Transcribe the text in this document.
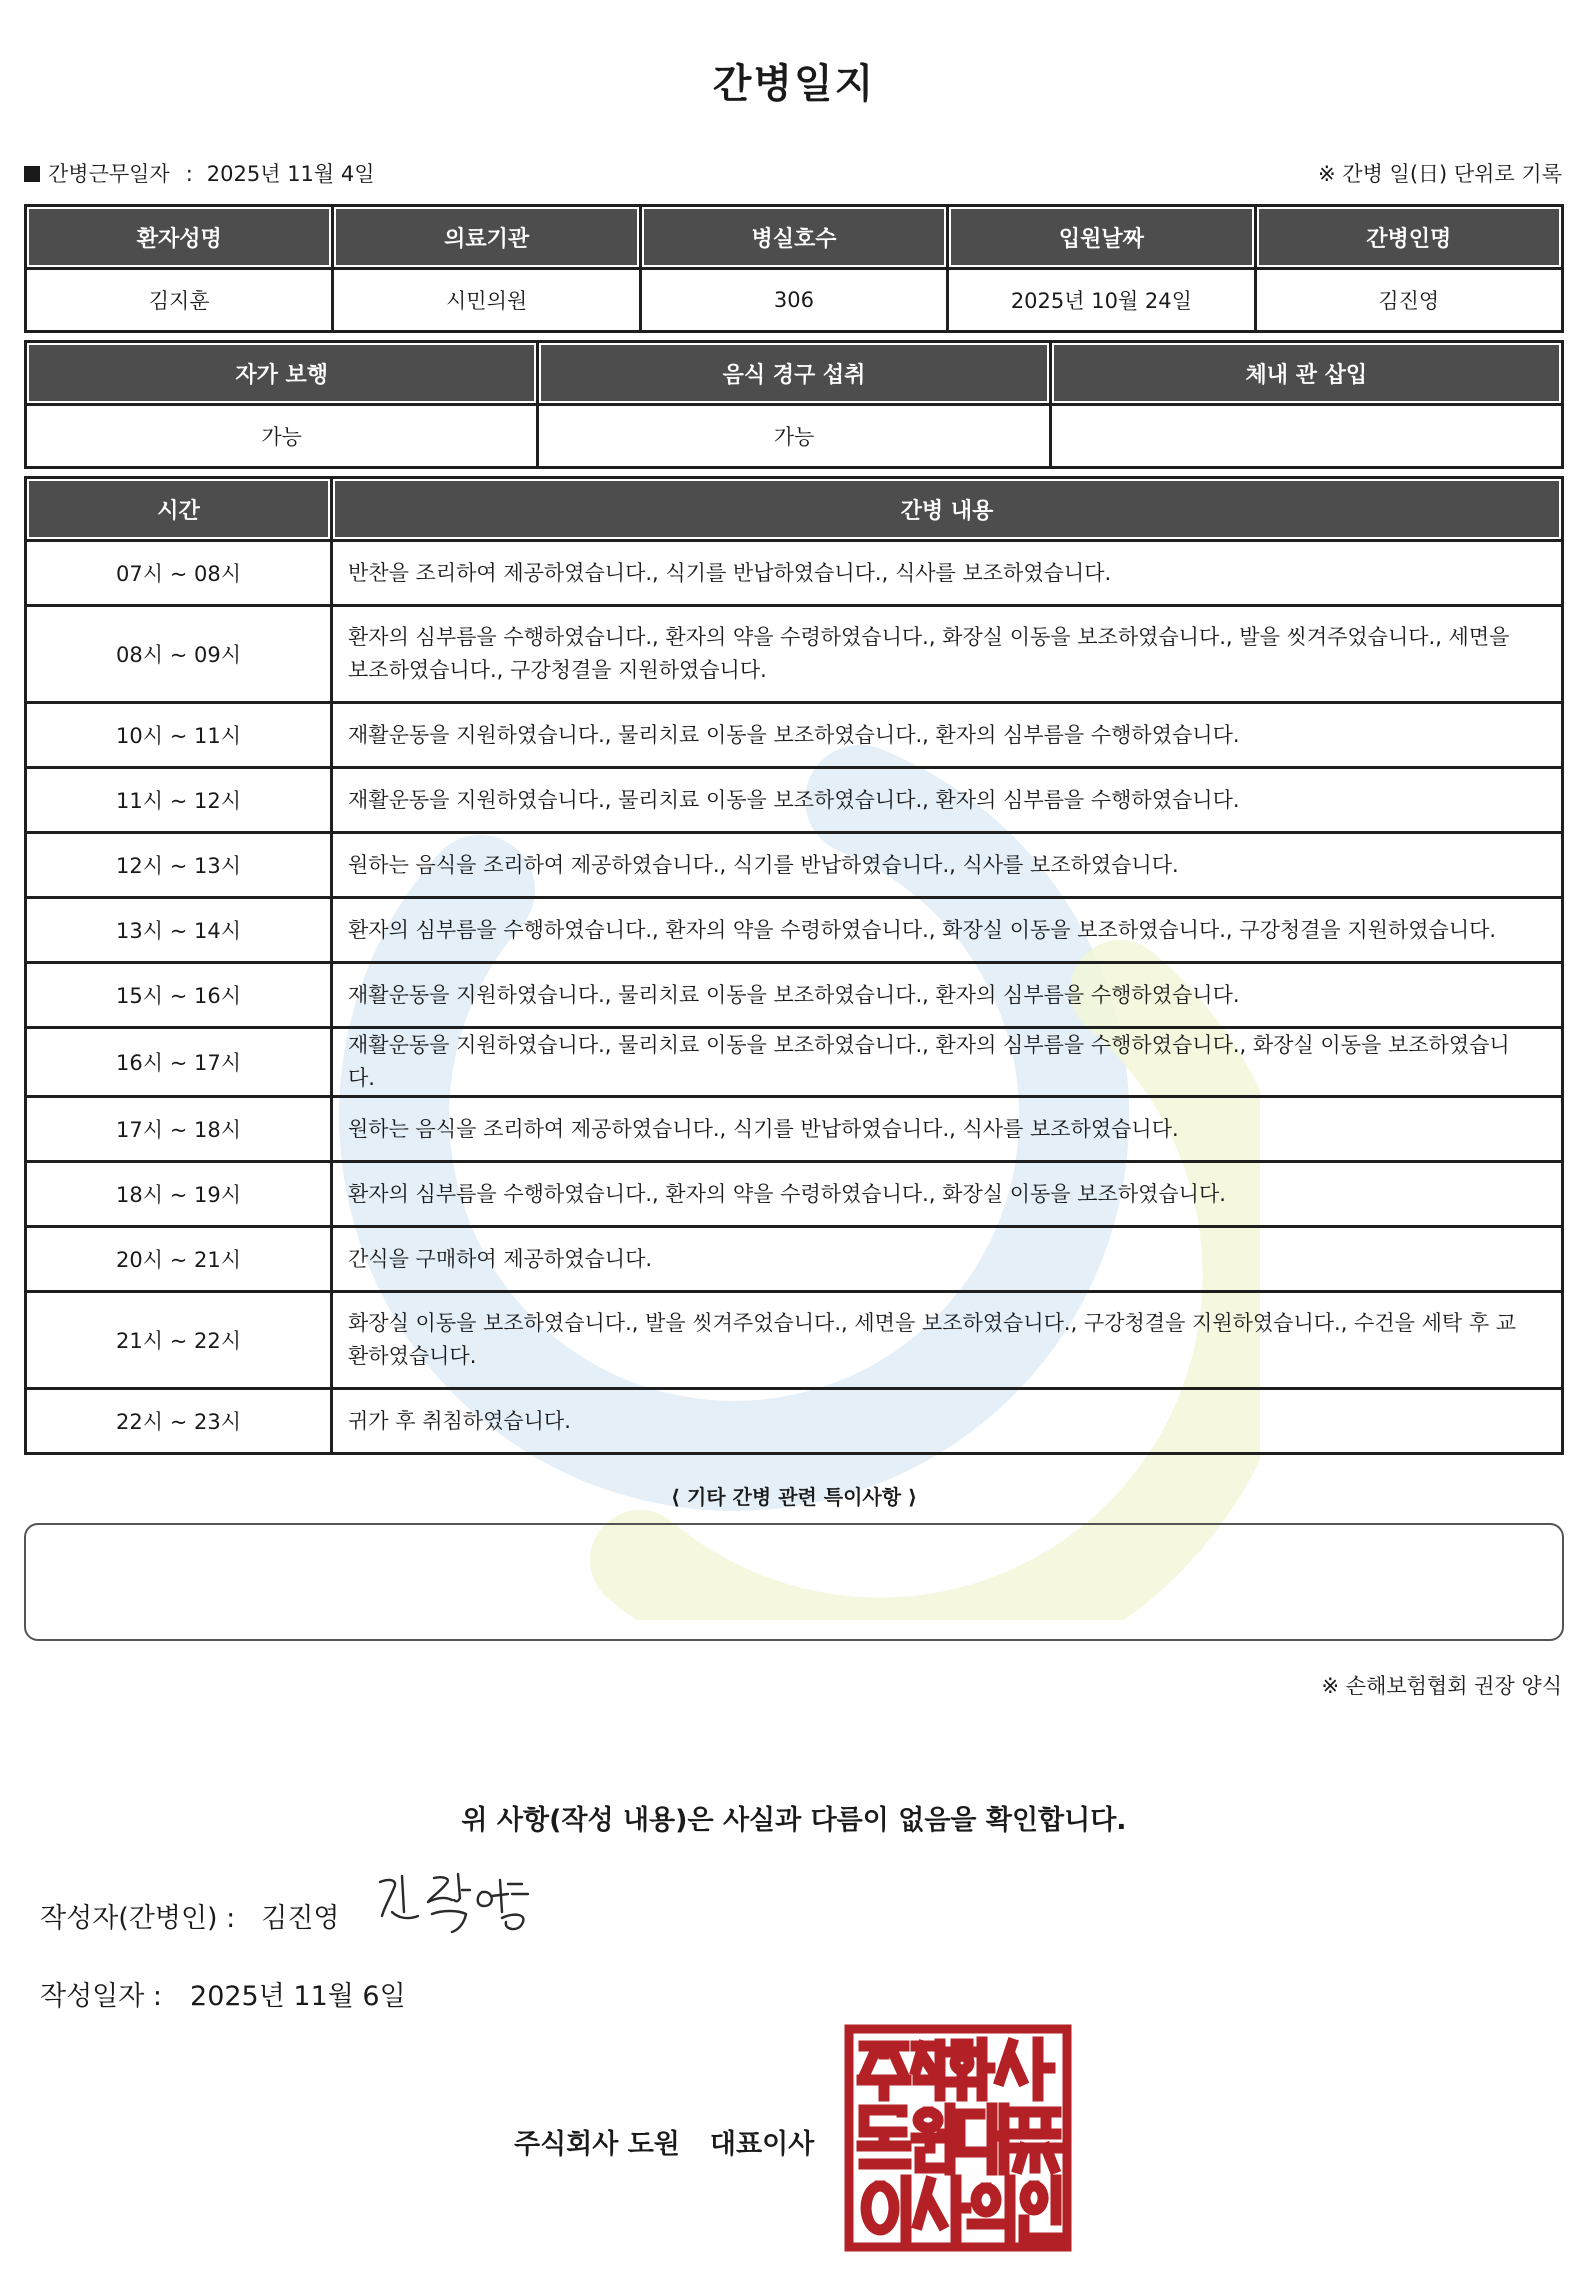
간병일지
간병근무일자 : 2025년 11월 4일	※ 간병 일(日) 단위로 기록
환자성명	의료기관	병실호수	입원날짜	간병인명
김지훈	시민의원	306	2025년 10월 24일	김진영
자가 보행	음식 경구 섭취	체내 관 삽입
가능	가능	
시간	간병 내용
07시 ~ 08시	반찬을 조리하여 제공하였습니다., 식기를 반납하였습니다., 식사를 보조하였습니다.
08시 ~ 09시	환자의 심부름을 수행하였습니다., 환자의 약을 수령하였습니다., 화장실 이동을 보조하였습니다., 발을 씻겨주었습니다., 세면을 보조하였습니다., 구강청결을 지원하였습니다.
10시 ~ 11시	재활운동을 지원하였습니다., 물리치료 이동을 보조하였습니다., 환자의 심부름을 수행하였습니다.
11시 ~ 12시	재활운동을 지원하였습니다., 물리치료 이동을 보조하였습니다., 환자의 심부름을 수행하였습니다.
12시 ~ 13시	원하는 음식을 조리하여 제공하였습니다., 식기를 반납하였습니다., 식사를 보조하였습니다.
13시 ~ 14시	환자의 심부름을 수행하였습니다., 환자의 약을 수령하였습니다., 화장실 이동을 보조하였습니다., 구강청결을 지원하였습니다.
15시 ~ 16시	재활운동을 지원하였습니다., 물리치료 이동을 보조하였습니다., 환자의 심부름을 수행하였습니다.
16시 ~ 17시	재활운동을 지원하였습니다., 물리치료 이동을 보조하였습니다., 환자의 심부름을 수행하였습니다., 화장실 이동을 보조하였습니다.
17시 ~ 18시	원하는 음식을 조리하여 제공하였습니다., 식기를 반납하였습니다., 식사를 보조하였습니다.
18시 ~ 19시	환자의 심부름을 수행하였습니다., 환자의 약을 수령하였습니다., 화장실 이동을 보조하였습니다.
20시 ~ 21시	간식을 구매하여 제공하였습니다.
21시 ~ 22시	화장실 이동을 보조하였습니다., 발을 씻겨주었습니다., 세면을 보조하였습니다., 구강청결을 지원하였습니다., 수건을 세탁 후 교환하였습니다.
22시 ~ 23시	귀가 후 취침하였습니다.
⟨ 기타 간병 관련 특이사항 ⟩
※ 손해보험협회 권장 양식
위 사항(작성 내용)은 사실과 다름이 없음을 확인합니다.
작성자(간병인) : 김진영
작성일자 : 2025년 11월 6일
주식회사 도원 대표이사
